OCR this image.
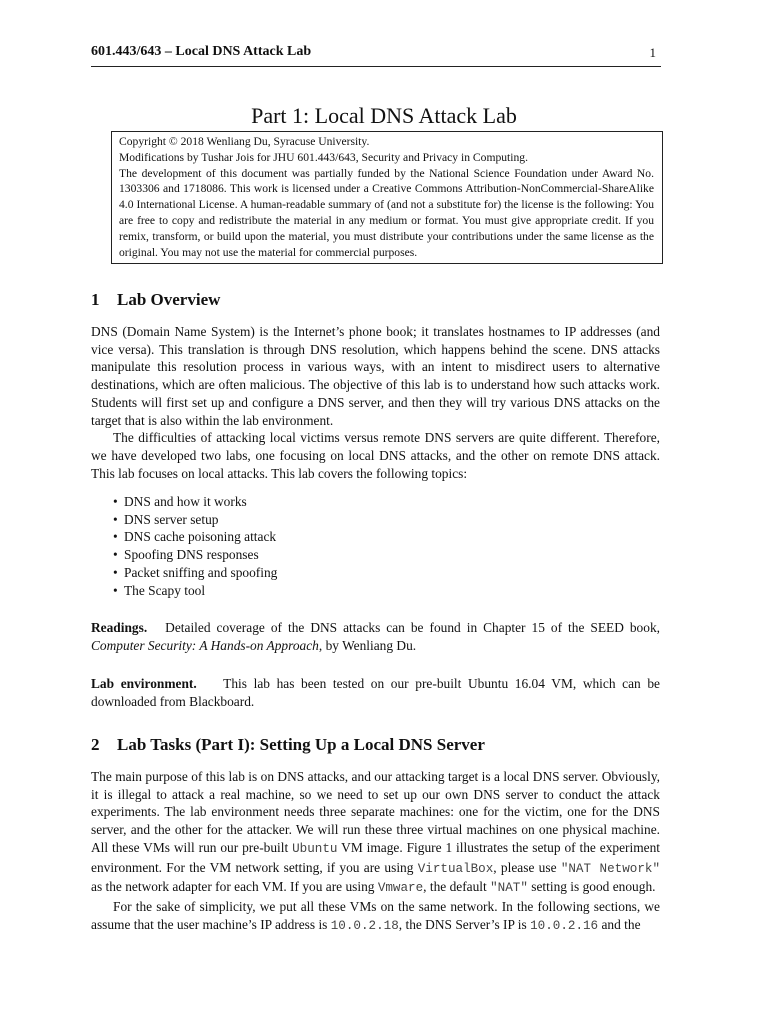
601.443/643 – Local DNS Attack Lab	1
Part 1: Local DNS Attack Lab

Copyright © 2018 Wenliang Du, Syracuse University.

Modifications by Tushar Jois for JHU 601.443/643, Security and Privacy in Computing.

The development of this document was partially funded by the National Science Foundation under Award No. 1303306 and 1718086. This work is licensed under a Creative Commons Attribution-NonCommercial-ShareAlike 4.0 International License. A human-readable summary of (and not a substitute for) the license is the following: You are free to copy and redistribute the material in any medium or format. You must give appropriate credit. If you remix, transform, or build upon the material, you must distribute your contributions under the same license as the original. You may not use the material for commercial purposes.

1 Lab Overview

DNS (Domain Name System) is the Internet’s phone book; it translates hostnames to IP addresses (and vice versa). This translation is through DNS resolution, which happens behind the scene. DNS attacks manipulate this resolution process in various ways, with an intent to misdirect users to alternative destinations, which are often malicious. The objective of this lab is to understand how such attacks work. Students will first set up and configure a DNS server, and then they will try various DNS attacks on the target that is also within the lab environment.

The difficulties of attacking local victims versus remote DNS servers are quite different. Therefore, we have developed two labs, one focusing on local DNS attacks, and the other on remote DNS attack. This lab focuses on local attacks. This lab covers the following topics:

• DNS and how it works
• DNS server setup
• DNS cache poisoning attack
• Spoofing DNS responses
• Packet sniffing and spoofing
• The Scapy tool

Readings. Detailed coverage of the DNS attacks can be found in Chapter 15 of the SEED book, Computer Security: A Hands-on Approach, by Wenliang Du.

Lab environment. This lab has been tested on our pre-built Ubuntu 16.04 VM, which can be downloaded from Blackboard.

2 Lab Tasks (Part I): Setting Up a Local DNS Server

The main purpose of this lab is on DNS attacks, and our attacking target is a local DNS server. Obviously, it is illegal to attack a real machine, so we need to set up our own DNS server to conduct the attack experiments. The lab environment needs three separate machines: one for the victim, one for the DNS server, and the other for the attacker. We will run these three virtual machines on one physical machine. All these VMs will run our pre-built Ubuntu VM image. Figure 1 illustrates the setup of the experiment environment. For the VM network setting, if you are using VirtualBox, please use "NAT Network" as the network adapter for each VM. If you are using Vmware, the default "NAT" setting is good enough.

For the sake of simplicity, we put all these VMs on the same network. In the following sections, we assume that the user machine’s IP address is 10.0.2.18, the DNS Server’s IP is 10.0.2.16 and the
